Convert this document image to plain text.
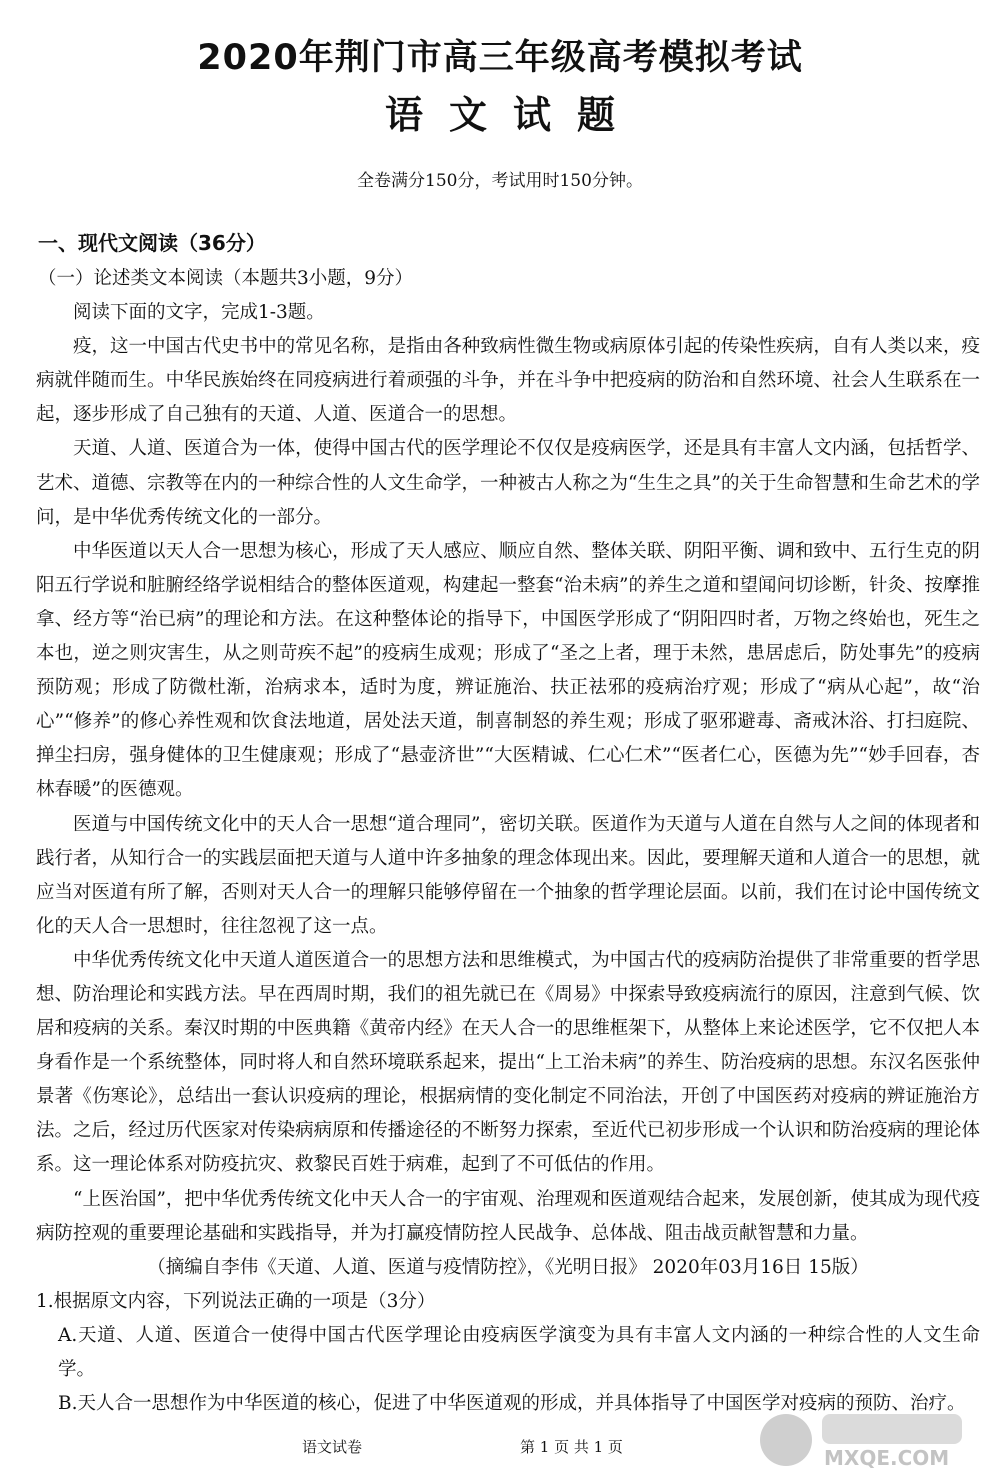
2020年荆门市高三年级高考模拟考试
语文试题
全卷满分150分，考试用时150分钟。
一、现代文阅读（36分）

（一）论述类文本阅读（本题共3小题，9分）

阅读下面的文字，完成1-3题。

疫，这一中国古代史书中的常见名称，是指由各种致病性微生物或病原体引起的传染性疾病，自有人类以来，疫病就伴随而生。中华民族始终在同疫病进行着顽强的斗争，并在斗争中把疫病的防治和自然环境、社会人生联系在一起，逐步形成了自己独有的天道、人道、医道合一的思想。

天道、人道、医道合为一体，使得中国古代的医学理论不仅仅是疫病医学，还是具有丰富人文内涵，包括哲学、艺术、道德、宗教等在内的一种综合性的人文生命学，一种被古人称之为“生生之具”的关于生命智慧和生命艺术的学问，是中华优秀传统文化的一部分。

中华医道以天人合一思想为核心，形成了天人感应、顺应自然、整体关联、阴阳平衡、调和致中、五行生克的阴阳五行学说和脏腑经络学说相结合的整体医道观，构建起一整套“治未病”的养生之道和望闻问切诊断，针灸、按摩推拿、经方等“治已病”的理论和方法。在这种整体论的指导下，中国医学形成了“阴阳四时者，万物之终始也，死生之本也，逆之则灾害生，从之则苛疾不起”的疫病生成观；形成了“圣之上者，理于未然，患居虑后，防处事先”的疫病预防观；形成了防微杜渐，治病求本，适时为度，辨证施治、扶正祛邪的疫病治疗观；形成了“病从心起”，故“治心”“修养”的修心养性观和饮食法地道，居处法天道，制喜制怒的养生观；形成了驱邪避毒、斋戒沐浴、打扫庭院、掸尘扫房，强身健体的卫生健康观；形成了“悬壶济世”“大医精诚、仁心仁术”“医者仁心，医德为先”“妙手回春，杏林春暖”的医德观。

医道与中国传统文化中的天人合一思想“道合理同”，密切关联。医道作为天道与人道在自然与人之间的体现者和践行者，从知行合一的实践层面把天道与人道中许多抽象的理念体现出来。因此，要理解天道和人道合一的思想，就应当对医道有所了解，否则对天人合一的理解只能够停留在一个抽象的哲学理论层面。以前，我们在讨论中国传统文化的天人合一思想时，往往忽视了这一点。

中华优秀传统文化中天道人道医道合一的思想方法和思维模式，为中国古代的疫病防治提供了非常重要的哲学思想、防治理论和实践方法。早在西周时期，我们的祖先就已在《周易》中探索导致疫病流行的原因，注意到气候、饮居和疫病的关系。秦汉时期的中医典籍《黄帝内经》在天人合一的思维框架下，从整体上来论述医学，它不仅把人本身看作是一个系统整体，同时将人和自然环境联系起来，提出“上工治未病”的养生、防治疫病的思想。东汉名医张仲景著《伤寒论》，总结出一套认识疫病的理论，根据病情的变化制定不同治法，开创了中国医药对疫病的辨证施治方法。之后，经过历代医家对传染病病原和传播途径的不断努力探索，至近代已初步形成一个认识和防治疫病的理论体系。这一理论体系对防疫抗灾、救黎民百姓于病难，起到了不可低估的作用。

“上医治国”，把中华优秀传统文化中天人合一的宇宙观、治理观和医道观结合起来，发展创新，使其成为现代疫病防控观的重要理论基础和实践指导，并为打赢疫情防控人民战争、总体战、阻击战贡献智慧和力量。

（摘编自李伟《天道、人道、医道与疫情防控》，《光明日报》 2020年03月16日 15版）

1.根据原文内容，下列说法正确的一项是（3分）

A.天道、人道、医道合一使得中国古代医学理论由疫病医学演变为具有丰富人文内涵的一种综合性的人文生命学。

B.天人合一思想作为中华医道的核心，促进了中华医道观的形成，并具体指导了中国医学对疫病的预防、治疗。

语文试卷	第 1 页 共 1 页	MXQE.COM
